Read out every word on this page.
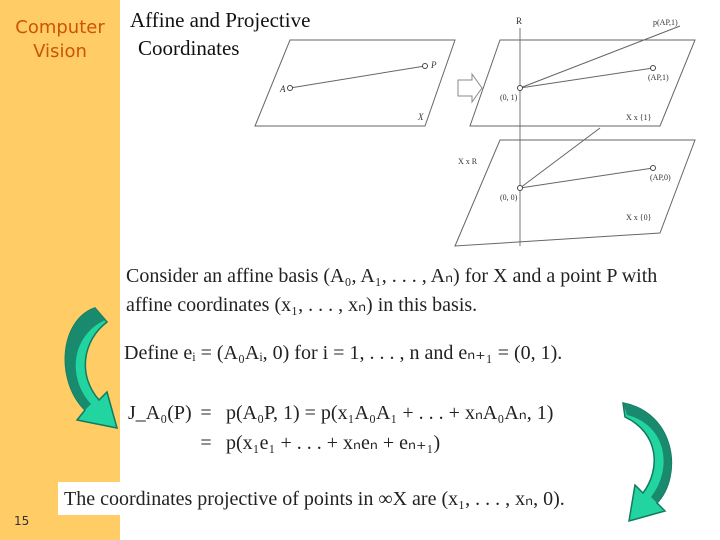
Computer
Vision
15
Affine and Projective
Coordinates
A
P
X
R	p(AP,1)
(AP,1)
(0, 1)
X x {1}
X x R
(AP,0)
(0, 0)
X x {0}
Consider an affine basis (A₀, A₁, . . . , Aₙ) for X and a point P with
affine coordinates (x₁, . . . , xₙ) in this basis.
Define eᵢ = (A₀Aᵢ, 0) for i = 1, . . . , n and eₙ₊₁ = (0, 1).
J_A₀(P) = p(A₀P, 1) = p(x₁A₀A₁ + . . . + xₙA₀Aₙ, 1)
= p(x₁e₁ + . . . + xₙeₙ + eₙ₊₁)
The coordinates projective of points in ∞X are (x₁, . . . , xₙ, 0).
